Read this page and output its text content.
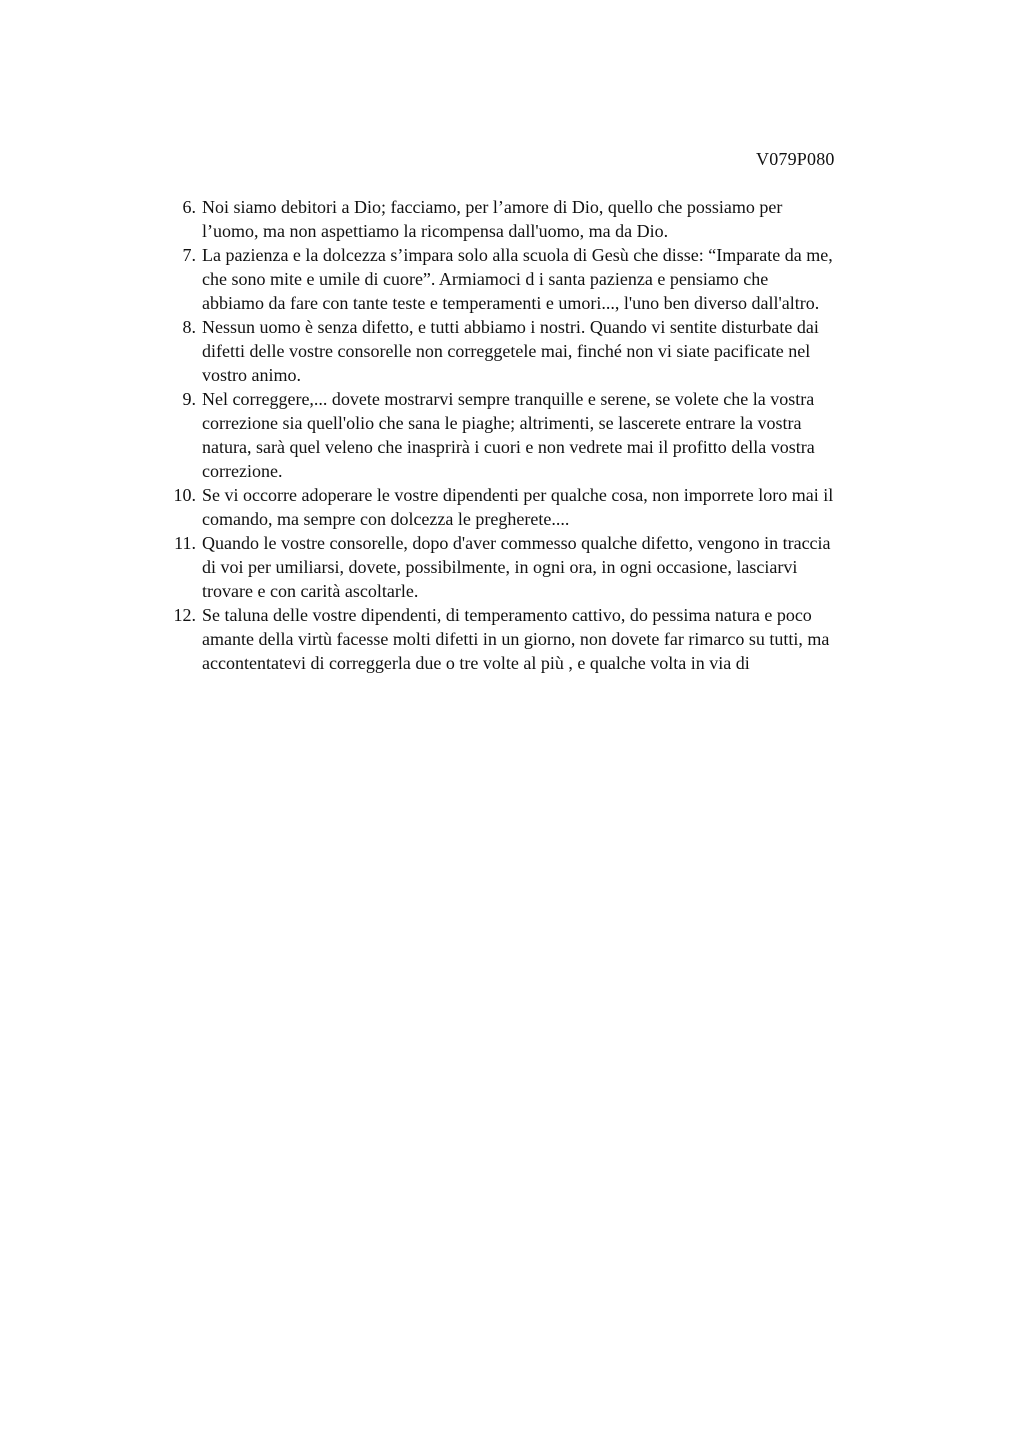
V079P080
6. Noi siamo debitori a Dio; facciamo, per l’amore di Dio, quello che possiamo per
l’uomo, ma non aspettiamo la ricompensa dall'uomo, ma da Dio.
7. La pazienza e la dolcezza s’impara solo alla scuola di Gesù che disse: “Imparate da me,
che sono mite e umile di cuore”. Armiamoci d i santa pazienza e pensiamo che
abbiamo da fare con tante teste e temperamenti e umori..., l'uno ben diverso dall'altro.
8. Nessun uomo è senza difetto, e tutti abbiamo i nostri. Quando vi sentite disturbate dai
difetti delle vostre consorelle non correggetele mai, finché non vi siate pacificate nel
vostro animo.
9. Nel correggere,... dovete mostrarvi sempre tranquille e serene, se volete che la vostra
correzione sia quell'olio che sana le piaghe; altrimenti, se lascerete entrare la vostra
natura, sarà quel veleno che inasprirà i cuori e non vedrete mai il profitto della vostra
correzione.
10. Se vi occorre adoperare le vostre dipendenti per qualche cosa, non imporrete loro mai il
comando, ma sempre con dolcezza le pregherete....
11. Quando le vostre consorelle, dopo d'aver commesso qualche difetto, vengono in traccia
di voi per umiliarsi, dovete, possibilmente, in ogni ora, in ogni occasione, lasciarvi
trovare e con carità ascoltarle.
12. Se taluna delle vostre dipendenti, di temperamento cattivo, do pessima natura e poco
amante della virtù facesse molti difetti in un giorno, non dovete far rimarco su tutti, ma
accontentatevi di correggerla due o tre volte al più , e qualche volta in via di
